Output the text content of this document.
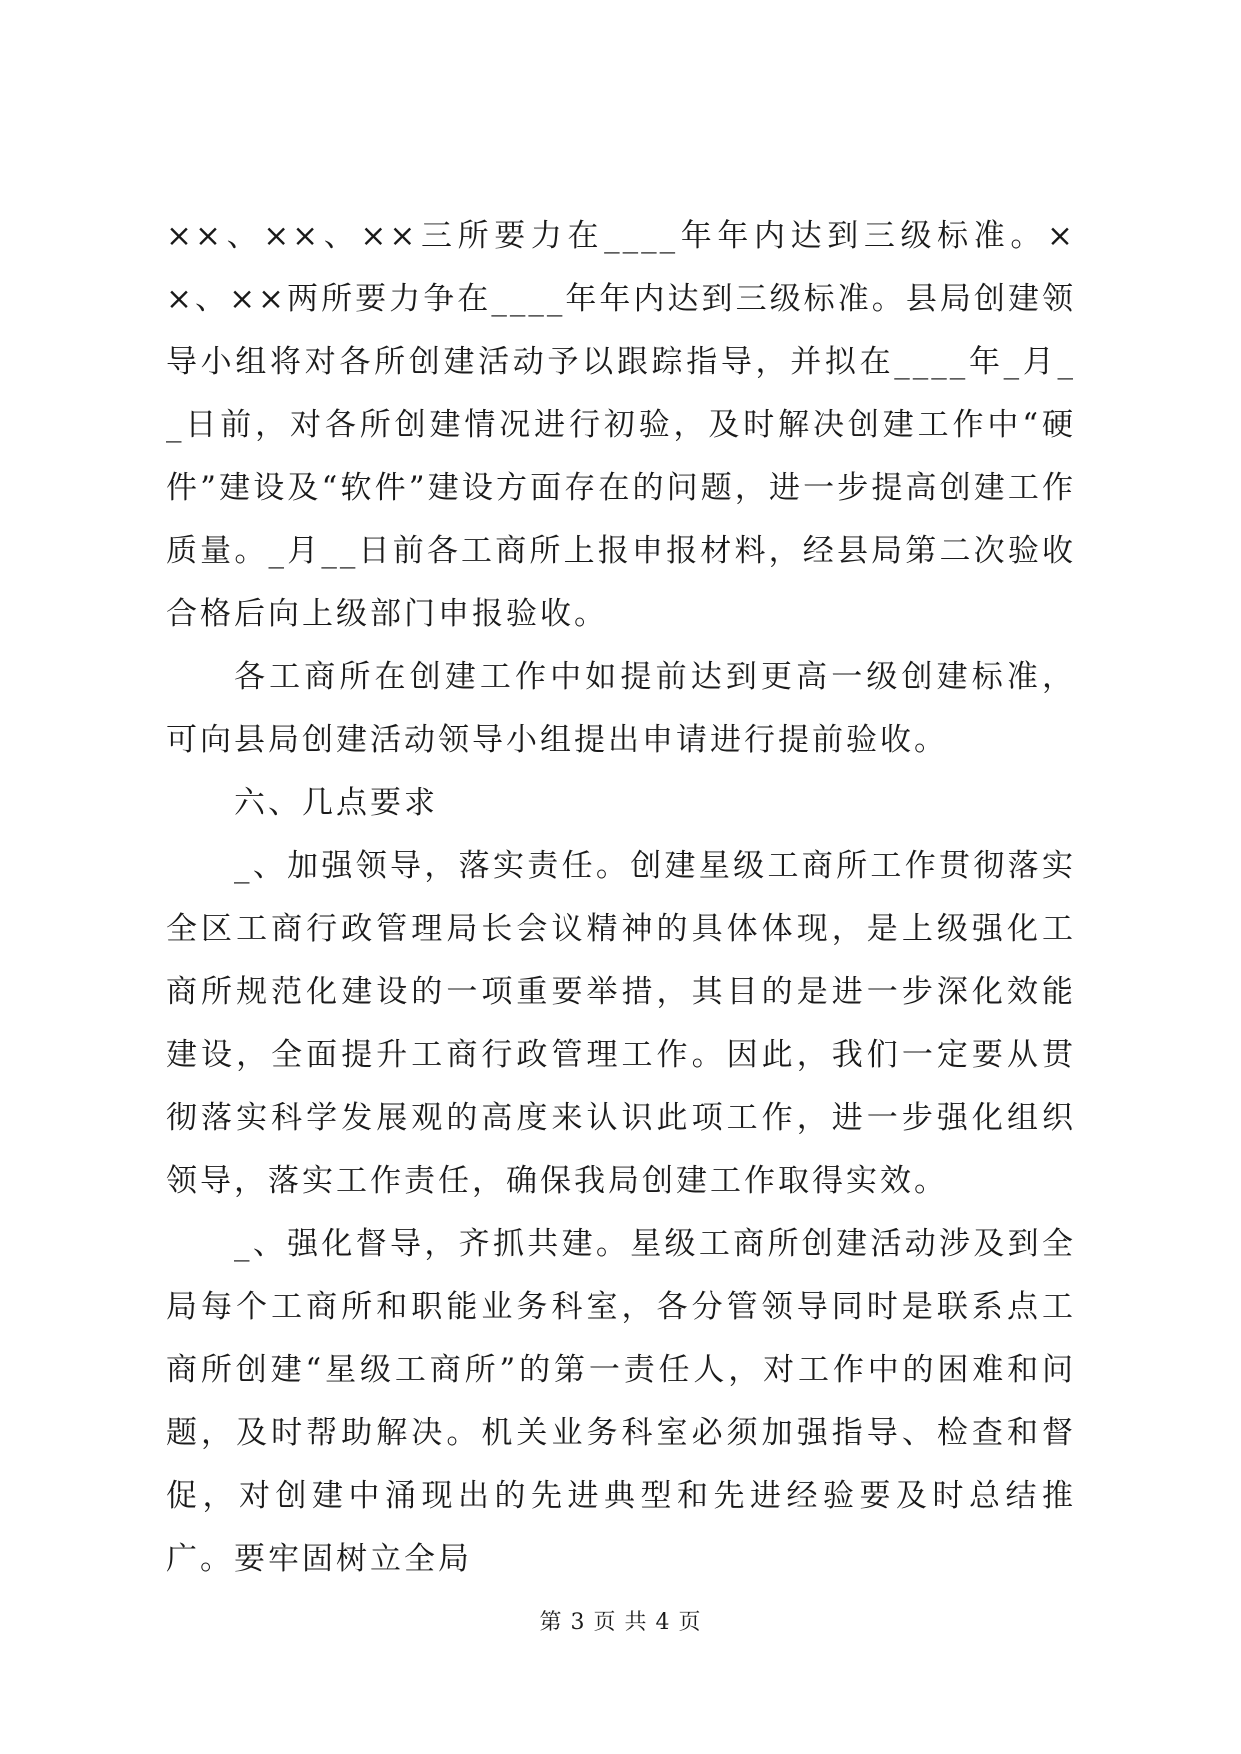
××、××、××三所要力在____年年内达到三级标准。××、××两所要力争在____年年内达到三级标准。县局创建领导小组将对各所创建活动予以跟踪指导，并拟在____年_月__日前，对各所创建情况进行初验，及时解决创建工作中“硬件”建设及“软件”建设方面存在的问题，进一步提高创建工作质量。_月__日前各工商所上报申报材料，经县局第二次验收合格后向上级部门申报验收。

各工商所在创建工作中如提前达到更高一级创建标准，可向县局创建活动领导小组提出申请进行提前验收。

六、几点要求

_、加强领导，落实责任。创建星级工商所工作贯彻落实全区工商行政管理局长会议精神的具体体现，是上级强化工商所规范化建设的一项重要举措，其目的是进一步深化效能建设，全面提升工商行政管理工作。因此，我们一定要从贯彻落实科学发展观的高度来认识此项工作，进一步强化组织领导，落实工作责任，确保我局创建工作取得实效。

_、强化督导，齐抓共建。星级工商所创建活动涉及到全局每个工商所和职能业务科室，各分管领导同时是联系点工商所创建“星级工商所”的第一责任人，对工作中的困难和问题，及时帮助解决。机关业务科室必须加强指导、检查和督促，对创建中涌现出的先进典型和先进经验要及时总结推广。要牢固树立全局

第 3 页 共 4 页
